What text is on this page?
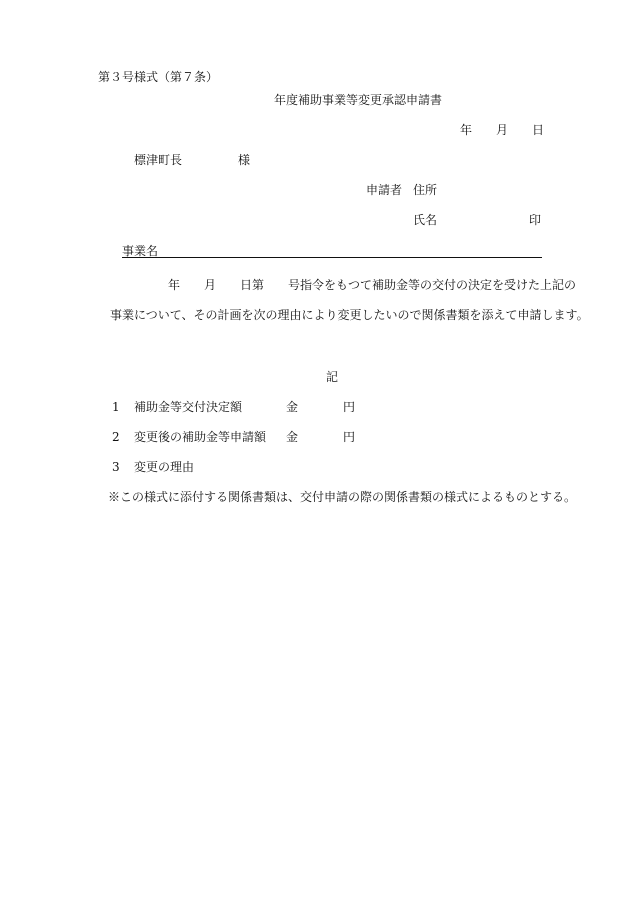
第３号様式（第７条）
年度補助事業等変更承認申請書
年 月 日
標津町長	様
申請者 住所
氏名	印
事業名
年 月 日第 号指令をもつて補助金等の交付の決定を受けた上記の
事業について、その計画を次の理由により変更したいので関係書類を添えて申請します。
記
1 補助金等交付決定額	金	円
2 変更後の補助金等申請額 金	円
3 変更の理由
※この様式に添付する関係書類は、交付申請の際の関係書類の様式によるものとする。
